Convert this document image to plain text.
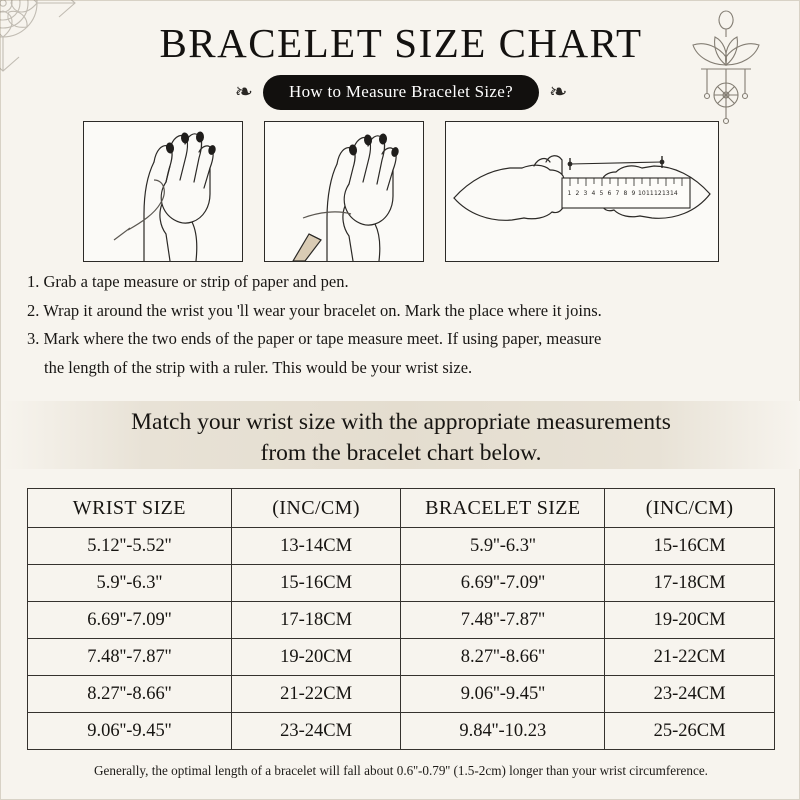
BRACELET SIZE CHART
❧	How to Measure Bracelet Size?	❧
1 2 3 4 5 6 7 8 9 10 11 12 13 14
1. Grab a tape measure or strip of paper and pen.
2. Wrap it around the wrist you 'll wear your bracelet on. Mark the place where it joins.
3. Mark where the two ends of the paper or tape measure meet. If using paper, measure
the length of the strip with a ruler. This would be your wrist size.
Match your wrist size with the appropriate measurements
from the bracelet chart below.
WRIST SIZE	(INC/CM)	BRACELET SIZE	(INC/CM)
5.12''-5.52''	13-14CM	5.9''-6.3''	15-16CM
5.9''-6.3''	15-16CM	6.69''-7.09''	17-18CM
6.69''-7.09''	17-18CM	7.48''-7.87''	19-20CM
7.48''-7.87''	19-20CM	8.27''-8.66''	21-22CM
8.27''-8.66''	21-22CM	9.06''-9.45''	23-24CM
9.06''-9.45''	23-24CM	9.84''-10.23	25-26CM
Generally, the optimal length of a bracelet will fall about 0.6''-0.79'' (1.5-2cm) longer than your wrist circumference.
